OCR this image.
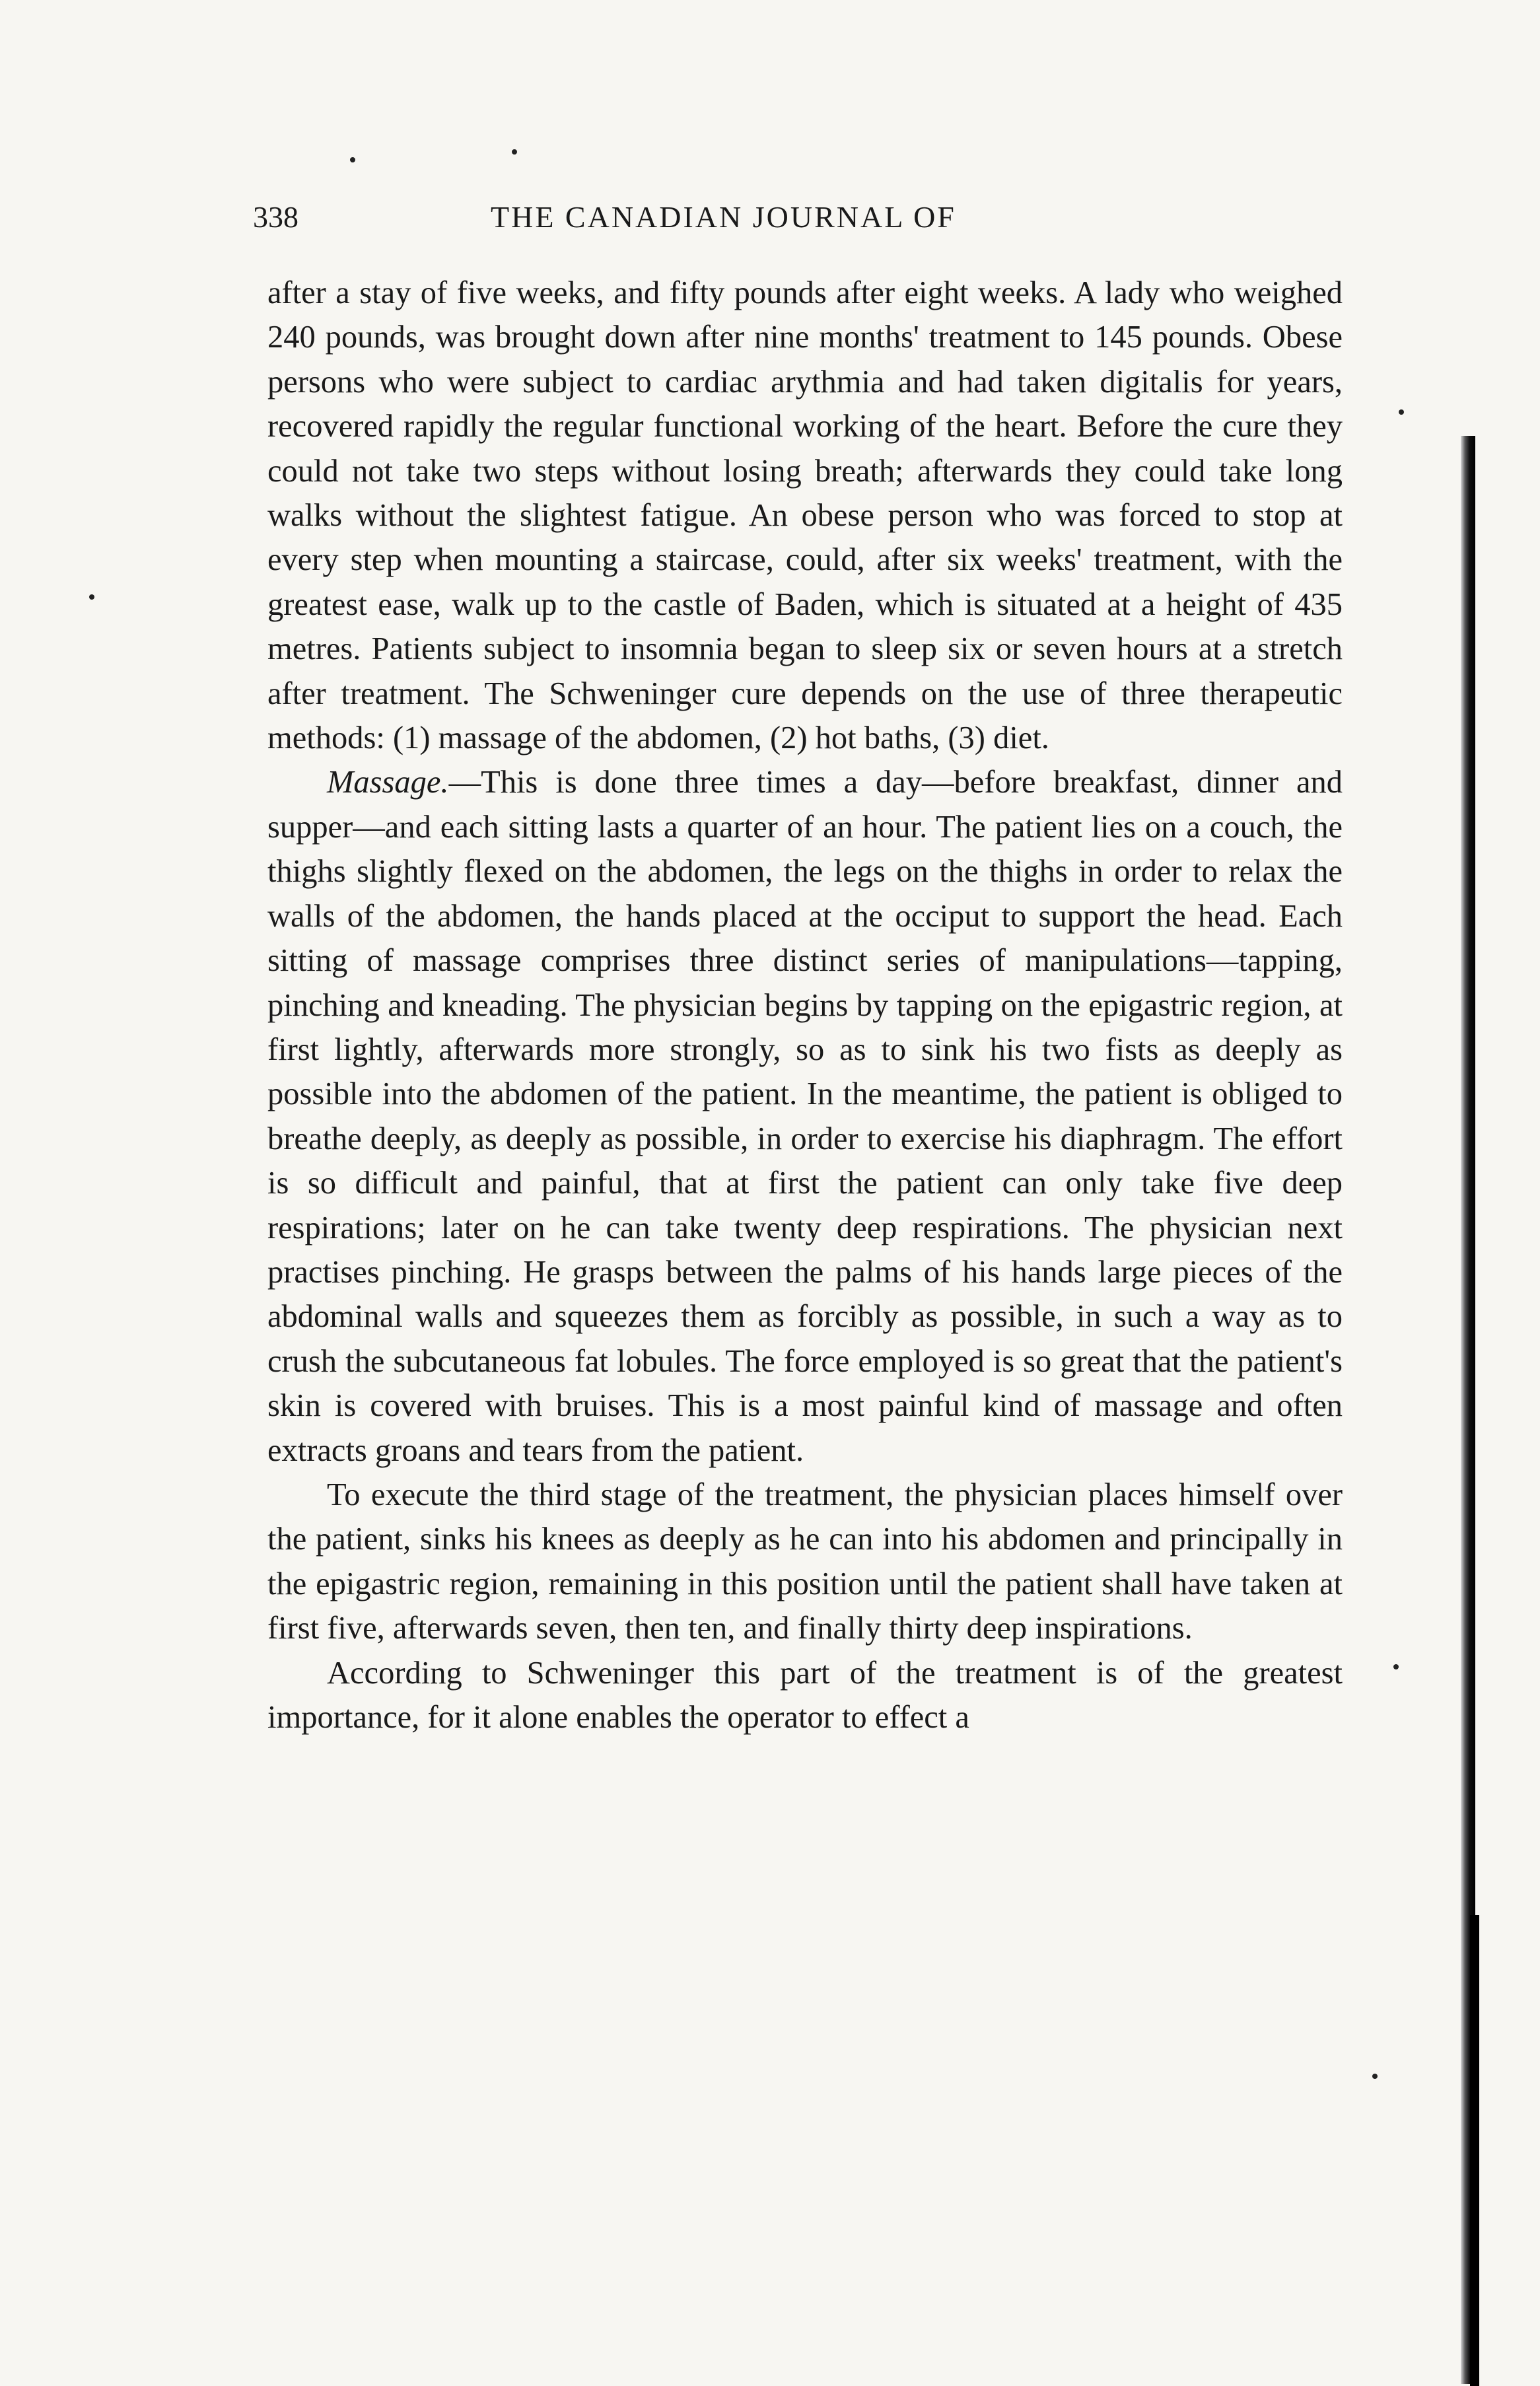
338	THE CANADIAN JOURNAL OF

after a stay of five weeks, and fifty pounds after eight weeks. A lady who weighed 240 pounds, was brought down after nine months' treatment to 145 pounds. Obese persons who were subject to cardiac arythmia and had taken digitalis for years, recovered rapidly the regular functional working of the heart. Before the cure they could not take two steps without losing breath; afterwards they could take long walks without the slightest fatigue. An obese person who was forced to stop at every step when mounting a staircase, could, after six weeks' treatment, with the greatest ease, walk up to the castle of Baden, which is situated at a height of 435 metres. Patients subject to insomnia began to sleep six or seven hours at a stretch after treatment. The Schweninger cure depends on the use of three therapeutic methods: (1) massage of the abdomen, (2) hot baths, (3) diet.

Massage.—This is done three times a day—before breakfast, dinner and supper—and each sitting lasts a quarter of an hour. The patient lies on a couch, the thighs slightly flexed on the abdomen, the legs on the thighs in order to relax the walls of the abdomen, the hands placed at the occiput to support the head. Each sitting of massage comprises three distinct series of manipulations—tapping, pinching and kneading. The physician begins by tapping on the epigastric region, at first lightly, afterwards more strongly, so as to sink his two fists as deeply as possible into the abdomen of the patient. In the meantime, the patient is obliged to breathe deeply, as deeply as possible, in order to exercise his diaphragm. The effort is so difficult and painful, that at first the patient can only take five deep respirations; later on he can take twenty deep respirations. The physician next practises pinching. He grasps between the palms of his hands large pieces of the abdominal walls and squeezes them as forcibly as possible, in such a way as to crush the subcutaneous fat lobules. The force employed is so great that the patient's skin is covered with bruises. This is a most painful kind of massage and often extracts groans and tears from the patient.

To execute the third stage of the treatment, the physician places himself over the patient, sinks his knees as deeply as he can into his abdomen and principally in the epigastric region, remaining in this position until the patient shall have taken at first five, afterwards seven, then ten, and finally thirty deep inspirations.

According to Schweninger this part of the treatment is of the greatest importance, for it alone enables the operator to effect a
